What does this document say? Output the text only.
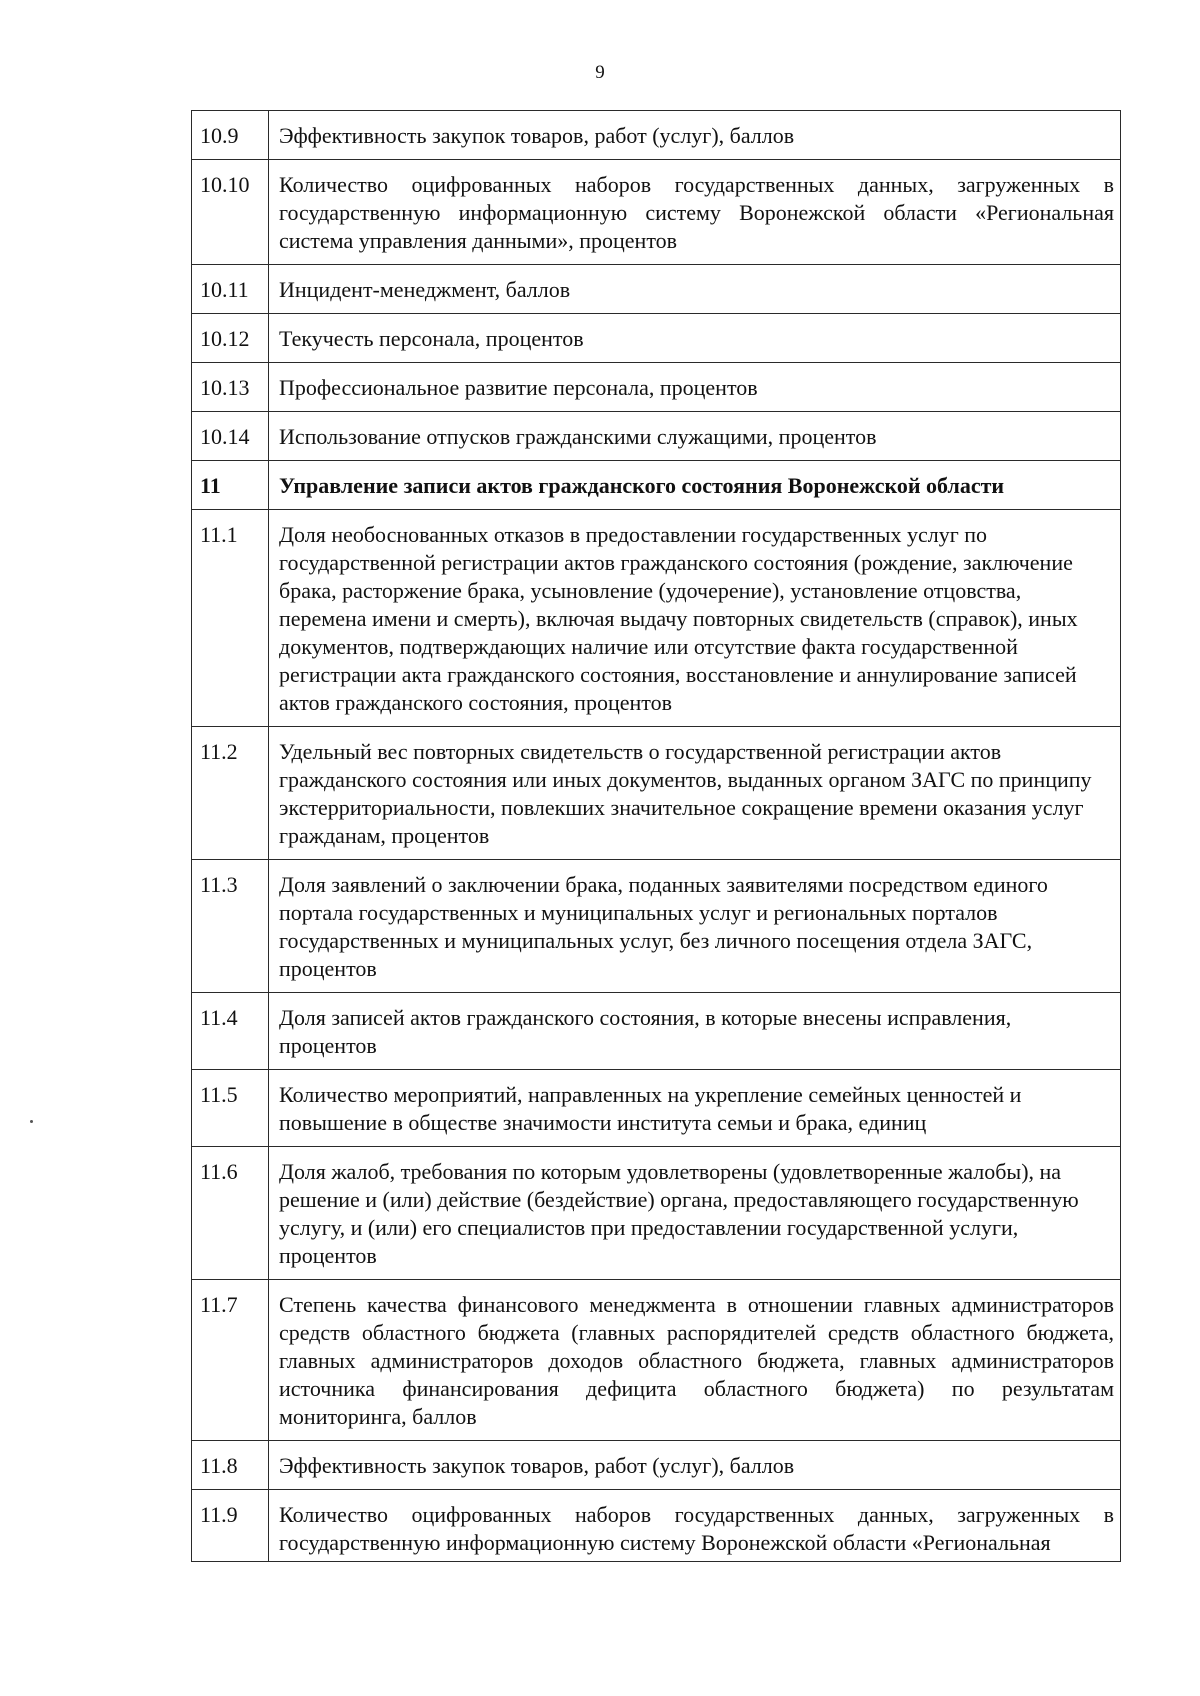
9
10.9	Эффективность закупок товаров, работ (услуг), баллов
10.10	Количество оцифрованных наборов государственных данных, загруженных в государственную информационную систему Воронежской области «Региональная система управления данными», процентов
10.11	Инцидент-менеджмент, баллов
10.12	Текучесть персонала, процентов
10.13	Профессиональное развитие персонала, процентов
10.14	Использование отпусков гражданскими служащими, процентов
11	Управление записи актов гражданского состояния Воронежской области
11.1	Доля необоснованных отказов в предоставлении государственных услуг по государственной регистрации актов гражданского состояния (рождение, заключение брака, расторжение брака, усыновление (удочерение), установление отцовства, перемена имени и смерть), включая выдачу повторных свидетельств (справок), иных документов, подтверждающих наличие или отсутствие факта государственной регистрации акта гражданского состояния, восстановление и аннулирование записей актов гражданского состояния, процентов
11.2	Удельный вес повторных свидетельств о государственной регистрации актов гражданского состояния или иных документов, выданных органом ЗАГС по принципу экстерриториальности, повлекших значительное сокращение времени оказания услуг гражданам, процентов
11.3	Доля заявлений о заключении брака, поданных заявителями посредством единого портала государственных и муниципальных услуг и региональных порталов государственных и муниципальных услуг, без личного посещения отдела ЗАГС, процентов
11.4	Доля записей актов гражданского состояния, в которые внесены исправления, процентов
11.5	Количество мероприятий, направленных на укрепление семейных ценностей и повышение в обществе значимости института семьи и брака, единиц
11.6	Доля жалоб, требования по которым удовлетворены (удовлетворенные жалобы), на решение и (или) действие (бездействие) органа, предоставляющего государственную услугу, и (или) его специалистов при предоставлении государственной услуги, процентов
11.7	Степень качества финансового менеджмента в отношении главных администраторов средств областного бюджета (главных распорядителей средств областного бюджета, главных администраторов доходов областного бюджета, главных администраторов источника финансирования дефицита областного бюджета) по результатам мониторинга, баллов
11.8	Эффективность закупок товаров, работ (услуг), баллов
11.9	Количество оцифрованных наборов государственных данных, загруженных в государственную информационную систему Воронежской области «Региональная
